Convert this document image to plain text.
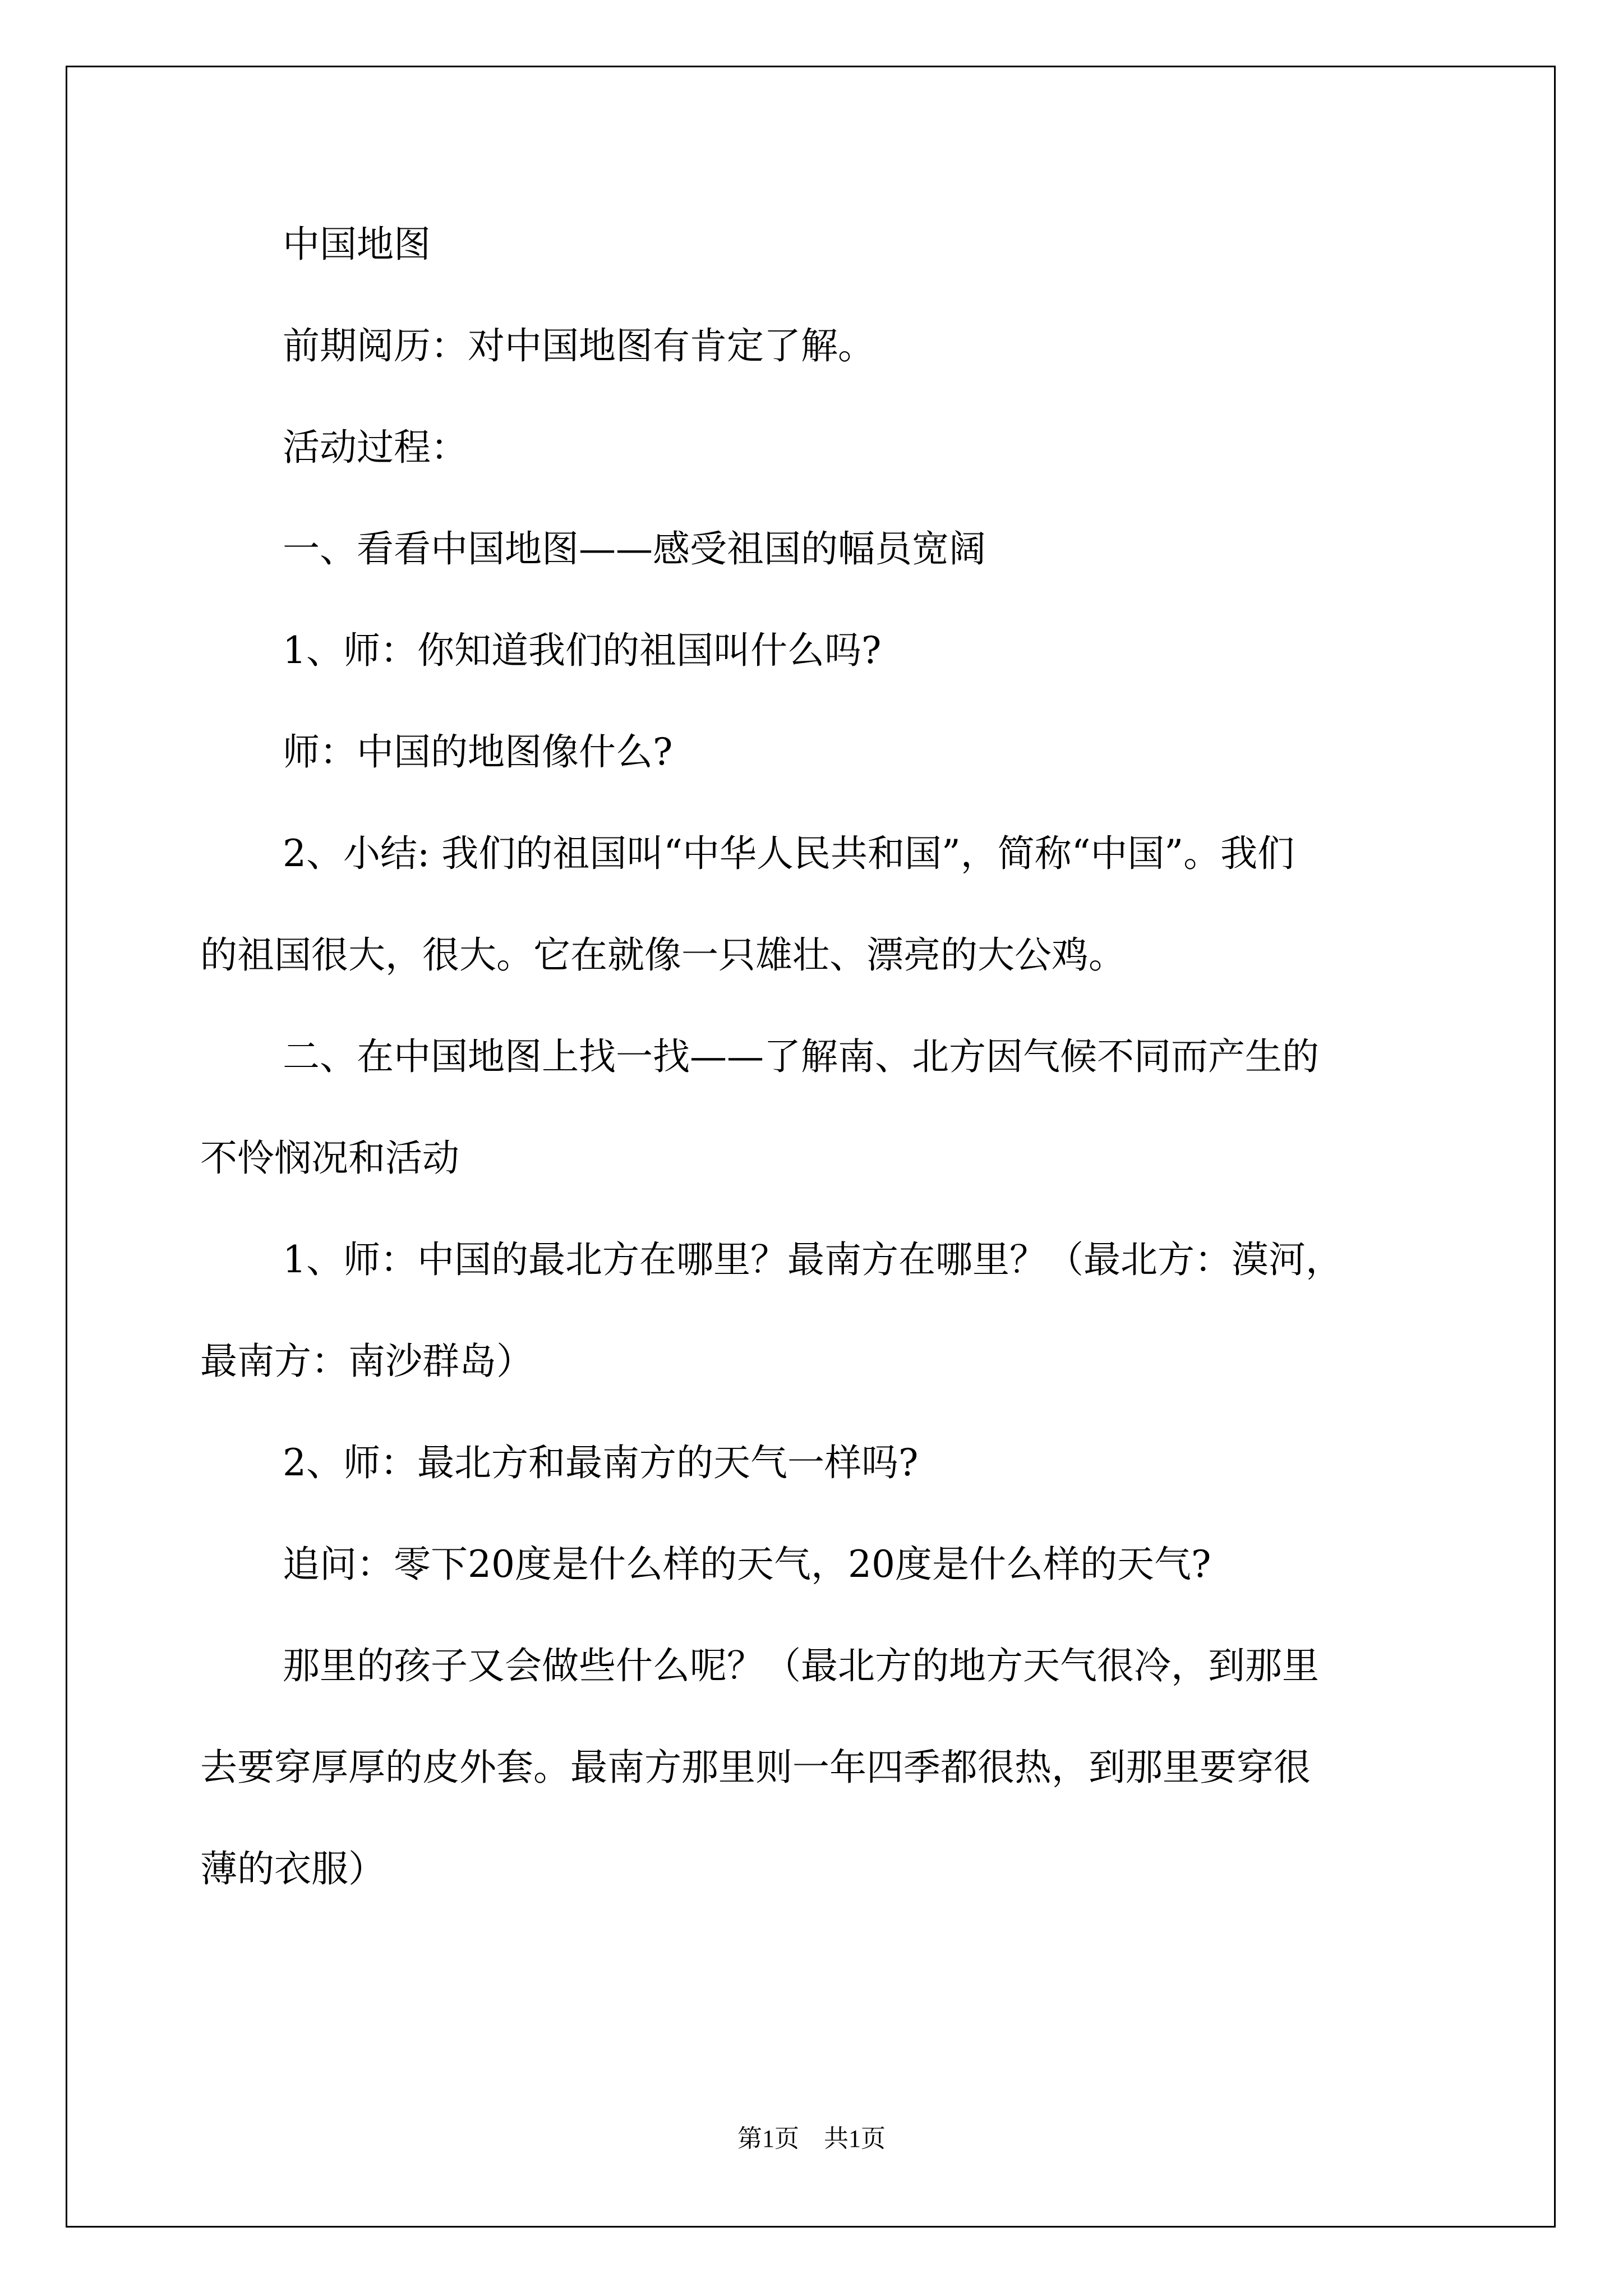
中国地图
前期阅历：对中国地图有肯定了解。
活动过程：
一、看看中国地图——感受祖国的幅员宽阔
1、师：你知道我们的祖国叫什么吗?
师：中国的地图像什么?
2、小结: 我们的祖国叫“中华人民共和国”，简称“中国”。我们
的祖国很大，很大。它在就像一只雄壮、漂亮的大公鸡。
二、在中国地图上找一找——了解南、北方因气候不同而产生的
不怜悯况和活动
1、师：中国的最北方在哪里？最南方在哪里？（最北方：漠河，
最南方：南沙群岛）
2、师：最北方和最南方的天气一样吗?
追问：零下20度是什么样的天气，20度是什么样的天气?
那里的孩子又会做些什么呢？（最北方的地方天气很冷，到那里
去要穿厚厚的皮外套。最南方那里则一年四季都很热，到那里要穿很
薄的衣服）
第1页　共1页
